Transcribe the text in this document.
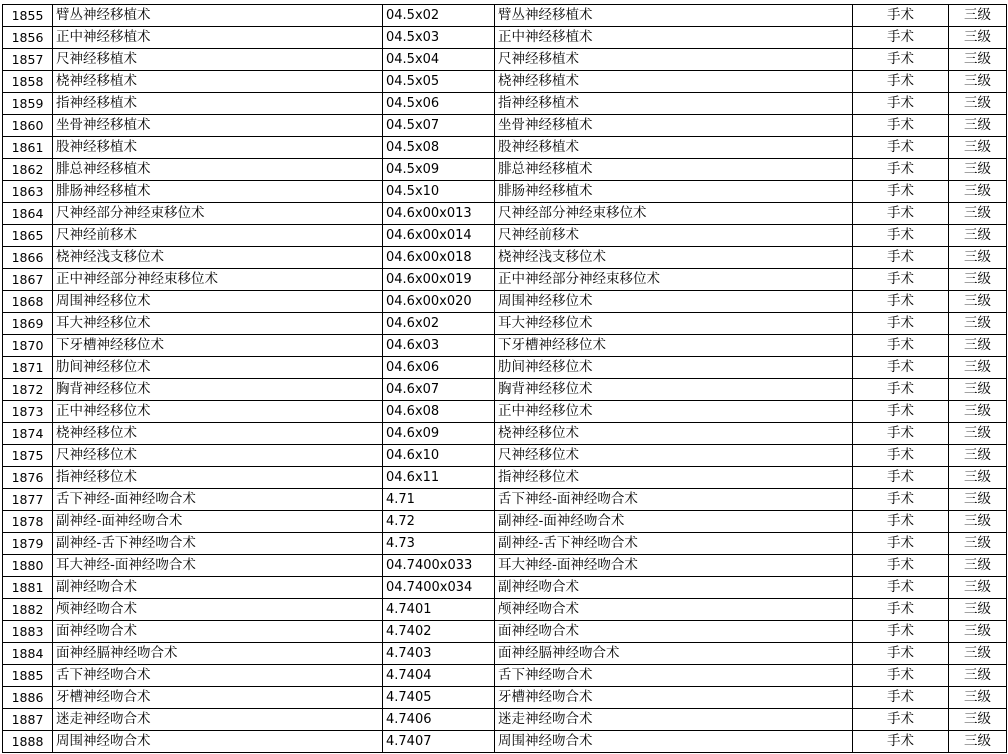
1855	臂丛神经移植术	04.5x02	臂丛神经移植术	手术	三级
1856	正中神经移植术	04.5x03	正中神经移植术	手术	三级
1857	尺神经移植术	04.5x04	尺神经移植术	手术	三级
1858	桡神经移植术	04.5x05	桡神经移植术	手术	三级
1859	指神经移植术	04.5x06	指神经移植术	手术	三级
1860	坐骨神经移植术	04.5x07	坐骨神经移植术	手术	三级
1861	股神经移植术	04.5x08	股神经移植术	手术	三级
1862	腓总神经移植术	04.5x09	腓总神经移植术	手术	三级
1863	腓肠神经移植术	04.5x10	腓肠神经移植术	手术	三级
1864	尺神经部分神经束移位术	04.6x00x013	尺神经部分神经束移位术	手术	三级
1865	尺神经前移术	04.6x00x014	尺神经前移术	手术	三级
1866	桡神经浅支移位术	04.6x00x018	桡神经浅支移位术	手术	三级
1867	正中神经部分神经束移位术	04.6x00x019	正中神经部分神经束移位术	手术	三级
1868	周围神经移位术	04.6x00x020	周围神经移位术	手术	三级
1869	耳大神经移位术	04.6x02	耳大神经移位术	手术	三级
1870	下牙槽神经移位术	04.6x03	下牙槽神经移位术	手术	三级
1871	肋间神经移位术	04.6x06	肋间神经移位术	手术	三级
1872	胸背神经移位术	04.6x07	胸背神经移位术	手术	三级
1873	正中神经移位术	04.6x08	正中神经移位术	手术	三级
1874	桡神经移位术	04.6x09	桡神经移位术	手术	三级
1875	尺神经移位术	04.6x10	尺神经移位术	手术	三级
1876	指神经移位术	04.6x11	指神经移位术	手术	三级
1877	舌下神经-面神经吻合术	4.71	舌下神经-面神经吻合术	手术	三级
1878	副神经-面神经吻合术	4.72	副神经-面神经吻合术	手术	三级
1879	副神经-舌下神经吻合术	4.73	副神经-舌下神经吻合术	手术	三级
1880	耳大神经-面神经吻合术	04.7400x033	耳大神经-面神经吻合术	手术	三级
1881	副神经吻合术	04.7400x034	副神经吻合术	手术	三级
1882	颅神经吻合术	4.7401	颅神经吻合术	手术	三级
1883	面神经吻合术	4.7402	面神经吻合术	手术	三级
1884	面神经膈神经吻合术	4.7403	面神经膈神经吻合术	手术	三级
1885	舌下神经吻合术	4.7404	舌下神经吻合术	手术	三级
1886	牙槽神经吻合术	4.7405	牙槽神经吻合术	手术	三级
1887	迷走神经吻合术	4.7406	迷走神经吻合术	手术	三级
1888	周围神经吻合术	4.7407	周围神经吻合术	手术	三级
